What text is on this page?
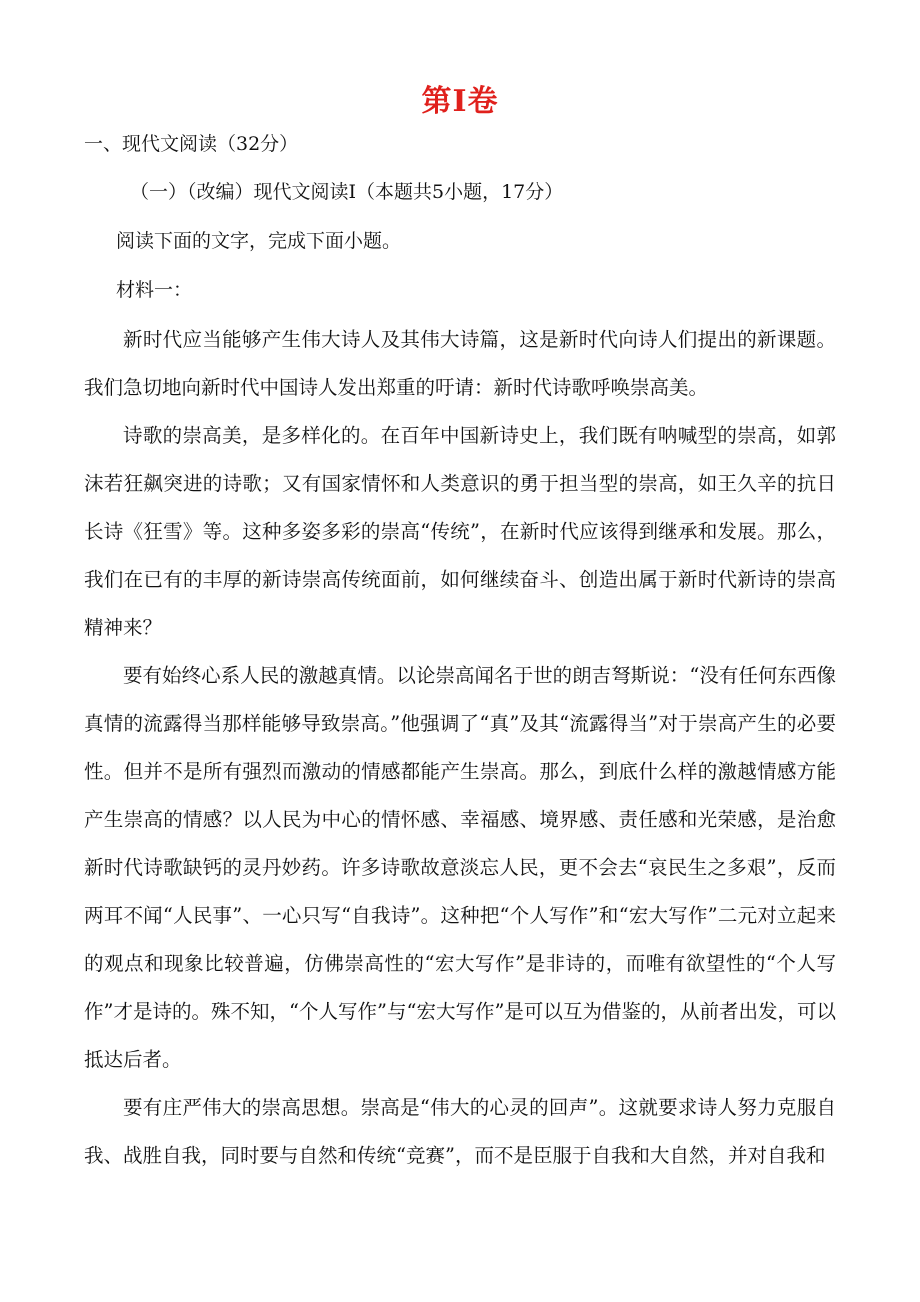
第Ⅰ卷
一、现代文阅读（32分）
（一）（改编）现代文阅读Ⅰ（本题共5小题，17分）
阅读下面的文字，完成下面小题。
材料一：

新时代应当能够产生伟大诗人及其伟大诗篇，这是新时代向诗人们提出的新课题。我们急切地向新时代中国诗人发出郑重的吁请：新时代诗歌呼唤崇高美。

诗歌的崇高美，是多样化的。在百年中国新诗史上，我们既有呐喊型的崇高，如郭沫若狂飙突进的诗歌；又有国家情怀和人类意识的勇于担当型的崇高，如王久辛的抗日长诗《狂雪》等。这种多姿多彩的崇高“传统”，在新时代应该得到继承和发展。那么，我们在已有的丰厚的新诗崇高传统面前，如何继续奋斗、创造出属于新时代新诗的崇高精神来？

要有始终心系人民的激越真情。以论崇高闻名于世的朗吉弩斯说：“没有任何东西像真情的流露得当那样能够导致崇高。”他强调了“真”及其“流露得当”对于崇高产生的必要性。但并不是所有强烈而激动的情感都能产生崇高。那么，到底什么样的激越情感方能产生崇高的情感？以人民为中心的情怀感、幸福感、境界感、责任感和光荣感，是治愈新时代诗歌缺钙的灵丹妙药。许多诗歌故意淡忘人民，更不会去“哀民生之多艰”，反而两耳不闻“人民事”、一心只写“自我诗”。这种把“个人写作”和“宏大写作”二元对立起来的观点和现象比较普遍，仿佛崇高性的“宏大写作”是非诗的，而唯有欲望性的“个人写作”才是诗的。殊不知，“个人写作”与“宏大写作”是可以互为借鉴的，从前者出发，可以抵达后者。

要有庄严伟大的崇高思想。崇高是“伟大的心灵的回声”。这就要求诗人努力克服自我、战胜自我，同时要与自然和传统“竞赛”，而不是臣服于自我和大自然，并对自我和
